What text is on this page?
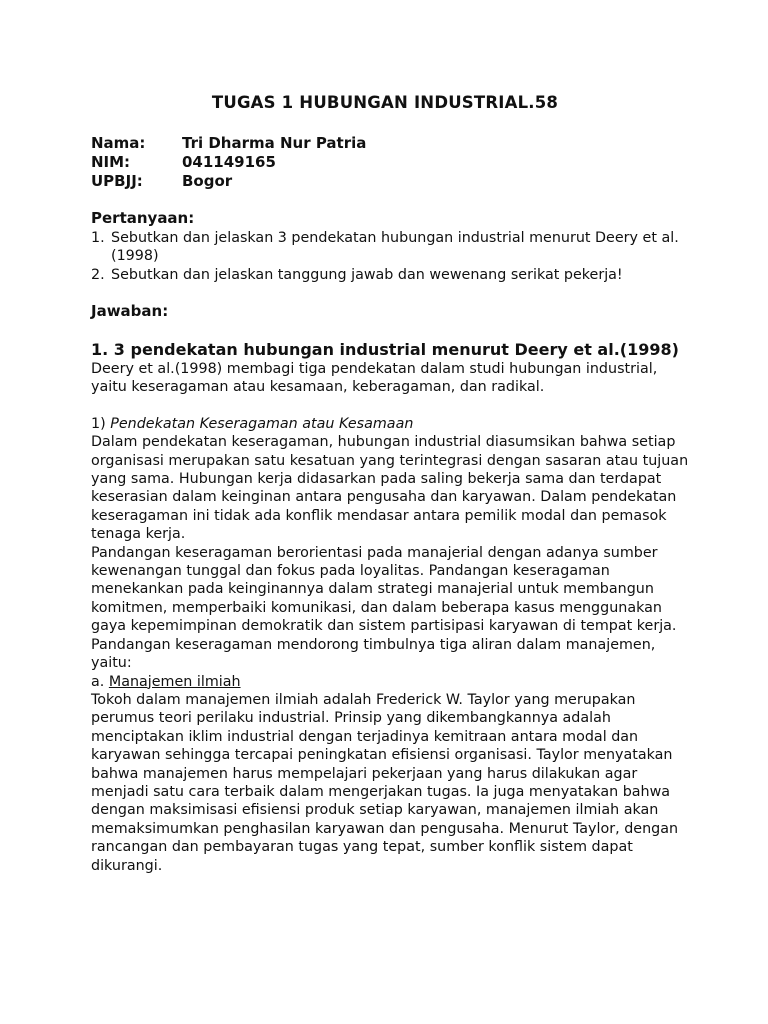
TUGAS 1 HUBUNGAN INDUSTRIAL.58
Nama: Tri Dharma Nur Patria
NIM:	041149165
UPBJJ:	Bogor
Pertanyaan:
1. Sebutkan dan jelaskan 3 pendekatan hubungan industrial menurut Deery et al.(1998)
2. Sebutkan dan jelaskan tanggung jawab dan wewenang serikat pekerja!
Jawaban:
1. 3 pendekatan hubungan industrial menurut Deery et al.(1998)

Deery et al.(1998) membagi tiga pendekatan dalam studi hubungan industrial, yaitu keseragaman atau kesamaan, keberagaman, dan radikal.

1) Pendekatan Keseragaman atau Kesamaan

Dalam pendekatan keseragaman, hubungan industrial diasumsikan bahwa setiap organisasi merupakan satu kesatuan yang terintegrasi dengan sasaran atau tujuan yang sama. Hubungan kerja didasarkan pada saling bekerja sama dan terdapat keserasian dalam keinginan antara pengusaha dan karyawan. Dalam pendekatan keseragaman ini tidak ada konflik mendasar antara pemilik modal dan pemasok tenaga kerja.

Pandangan keseragaman berorientasi pada manajerial dengan adanya sumber kewenangan tunggal dan fokus pada loyalitas. Pandangan keseragaman menekankan pada keinginannya dalam strategi manajerial untuk membangun komitmen, memperbaiki komunikasi, dan dalam beberapa kasus menggunakan gaya kepemimpinan demokratik dan sistem partisipasi karyawan di tempat kerja.

Pandangan keseragaman mendorong timbulnya tiga aliran dalam manajemen, yaitu:

a. Manajemen ilmiah

Tokoh dalam manajemen ilmiah adalah Frederick W. Taylor yang merupakan perumus teori perilaku industrial. Prinsip yang dikembangkannya adalah menciptakan iklim industrial dengan terjadinya kemitraan antara modal dan karyawan sehingga tercapai peningkatan efisiensi organisasi. Taylor menyatakan bahwa manajemen harus mempelajari pekerjaan yang harus dilakukan agar menjadi satu cara terbaik dalam mengerjakan tugas. Ia juga menyatakan bahwa dengan maksimisasi efisiensi produk setiap karyawan, manajemen ilmiah akan memaksimumkan penghasilan karyawan dan pengusaha. Menurut Taylor, dengan rancangan dan pembayaran tugas yang tepat, sumber konflik sistem dapat dikurangi.
